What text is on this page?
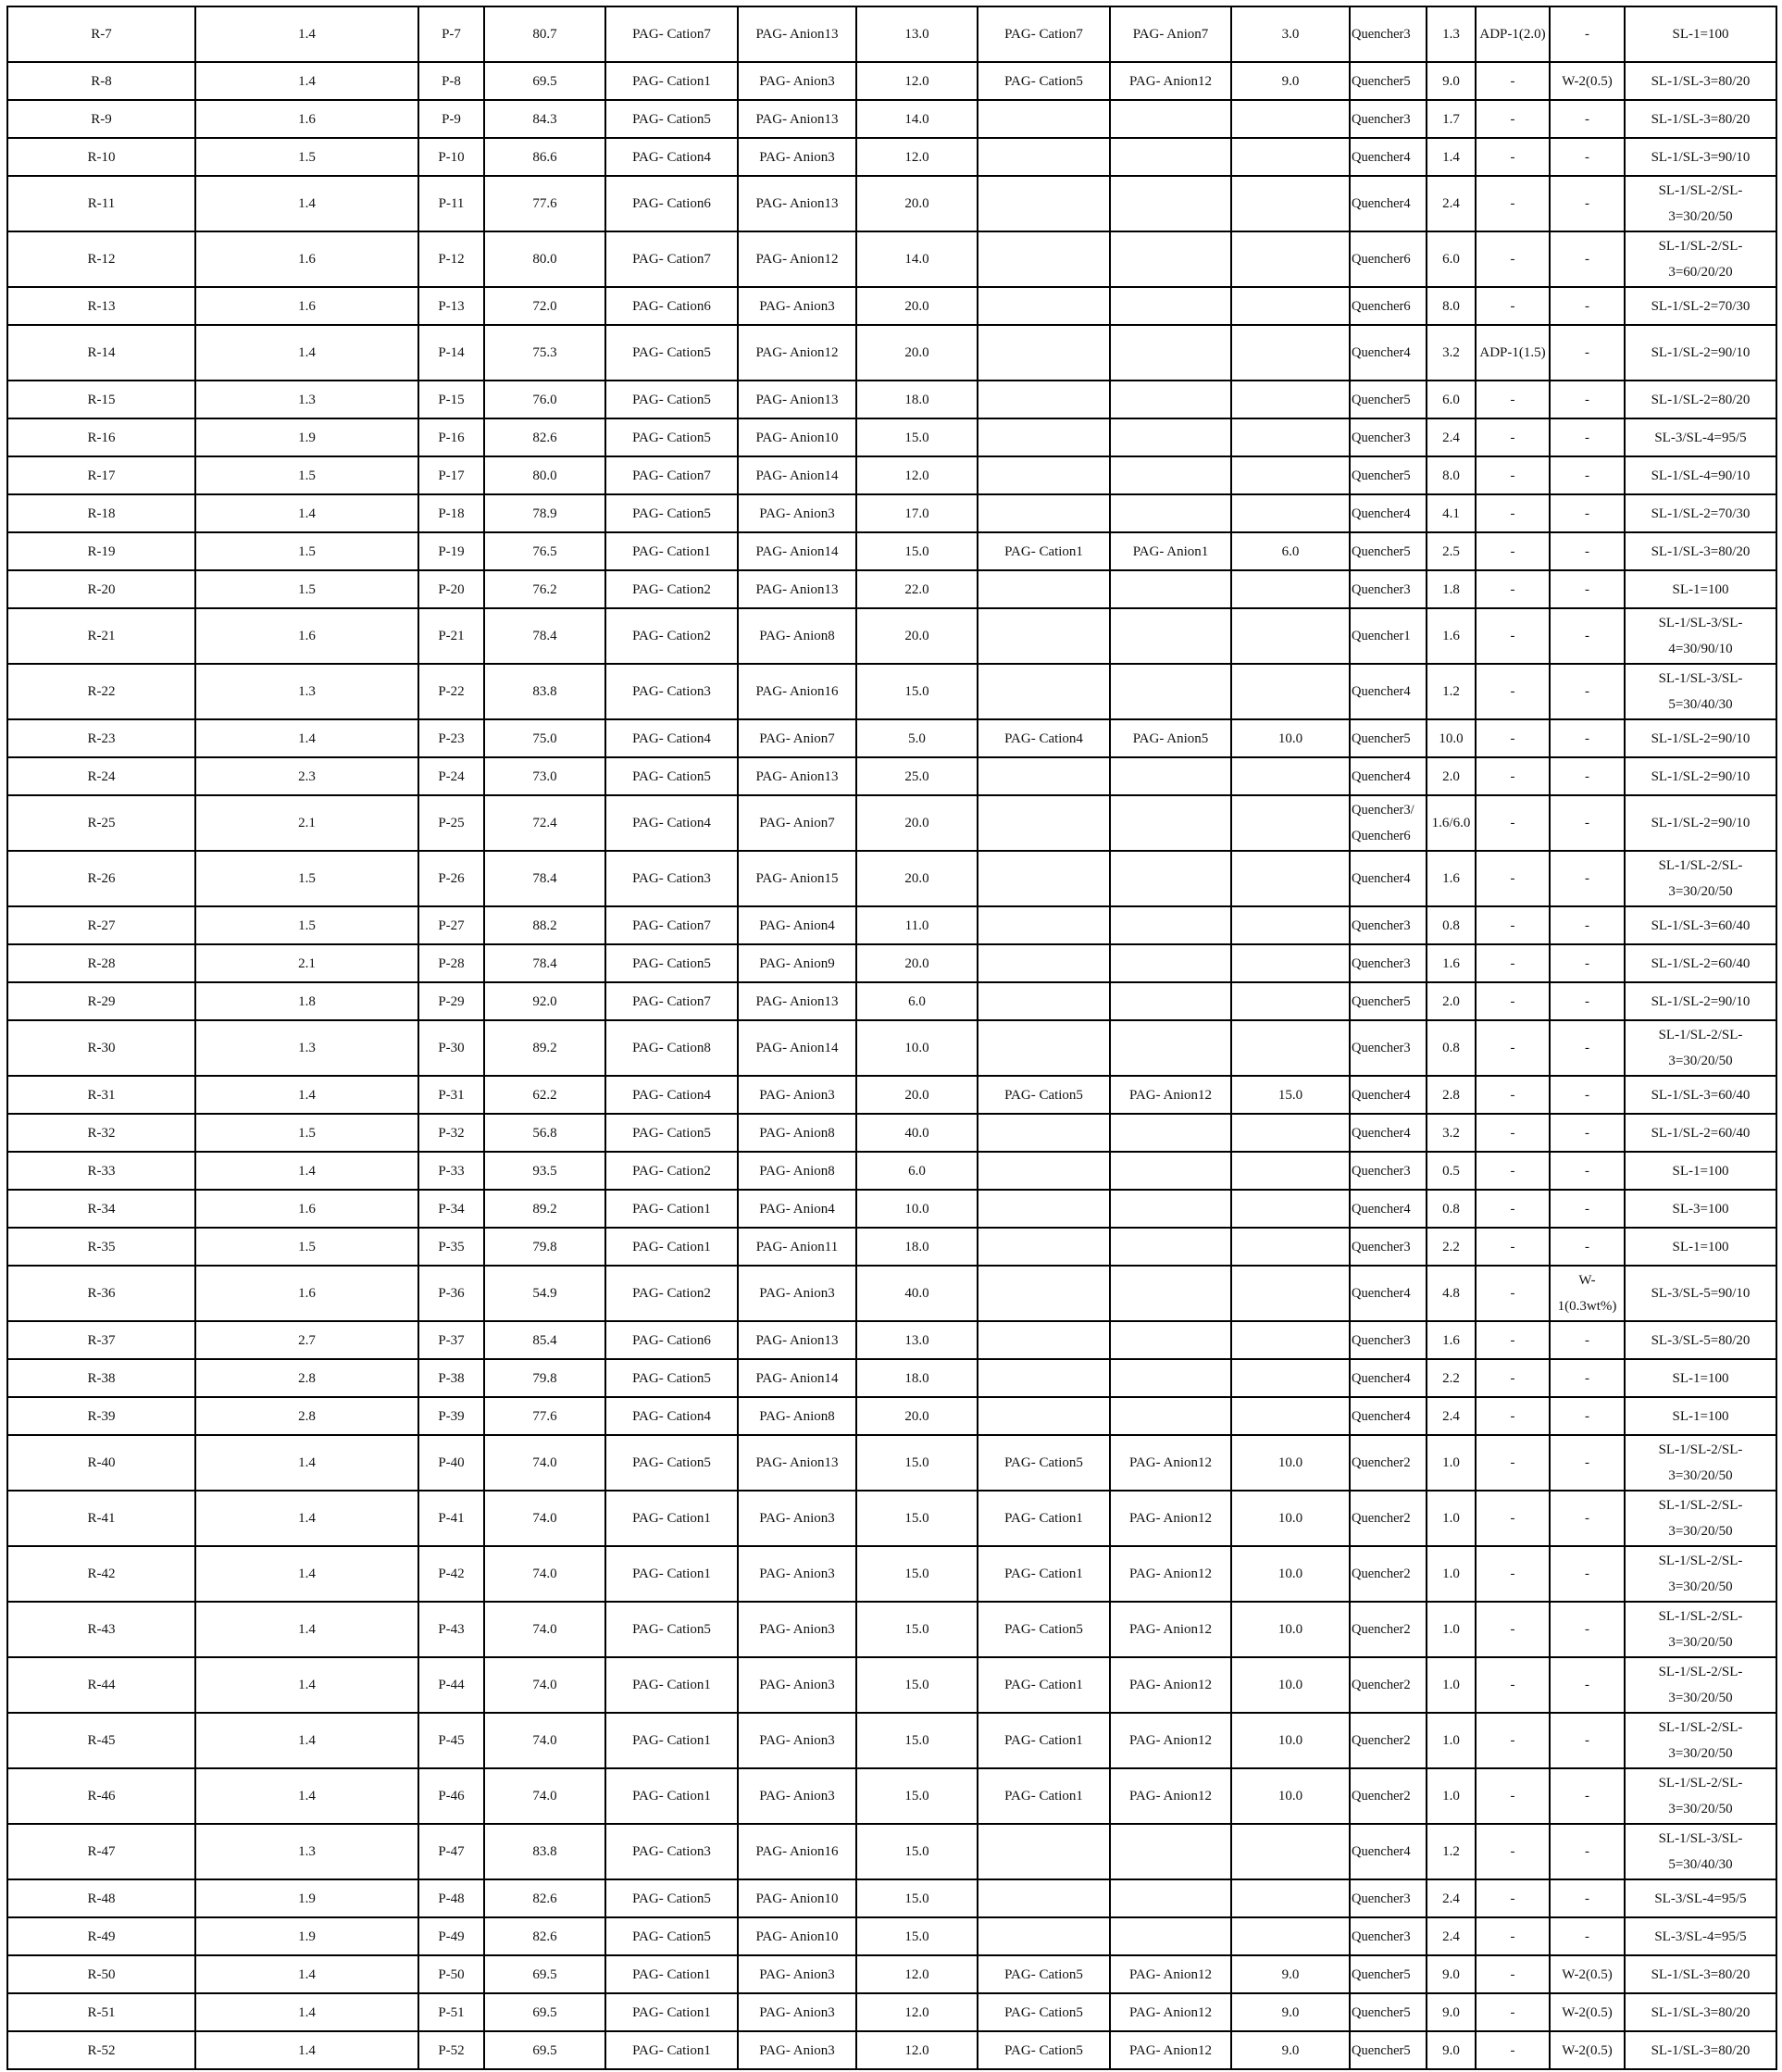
R-7	1.4	P-7	80.7	PAG- Cation7	PAG- Anion13	13.0	PAG- Cation7	PAG- Anion7	3.0	Quencher3	1.3	ADP-1(2.0)	-	SL-1=100
R-8	1.4	P-8	69.5	PAG- Cation1	PAG- Anion3	12.0	PAG- Cation5	PAG- Anion12	9.0	Quencher5	9.0	-	W-2(0.5)	SL-1/SL-3=80/20
R-9	1.6	P-9	84.3	PAG- Cation5	PAG- Anion13	14.0				Quencher3	1.7	-	-	SL-1/SL-3=80/20
R-10	1.5	P-10	86.6	PAG- Cation4	PAG- Anion3	12.0				Quencher4	1.4	-	-	SL-1/SL-3=90/10
R-11	1.4	P-11	77.6	PAG- Cation6	PAG- Anion13	20.0				Quencher4	2.4	-	-	SL-1/SL-2/SL-3=30/20/50
R-12	1.6	P-12	80.0	PAG- Cation7	PAG- Anion12	14.0				Quencher6	6.0	-	-	SL-1/SL-2/SL-3=60/20/20
R-13	1.6	P-13	72.0	PAG- Cation6	PAG- Anion3	20.0				Quencher6	8.0	-	-	SL-1/SL-2=70/30
R-14	1.4	P-14	75.3	PAG- Cation5	PAG- Anion12	20.0				Quencher4	3.2	ADP-1(1.5)	-	SL-1/SL-2=90/10
R-15	1.3	P-15	76.0	PAG- Cation5	PAG- Anion13	18.0				Quencher5	6.0	-	-	SL-1/SL-2=80/20
R-16	1.9	P-16	82.6	PAG- Cation5	PAG- Anion10	15.0				Quencher3	2.4	-	-	SL-3/SL-4=95/5
R-17	1.5	P-17	80.0	PAG- Cation7	PAG- Anion14	12.0				Quencher5	8.0	-	-	SL-1/SL-4=90/10
R-18	1.4	P-18	78.9	PAG- Cation5	PAG- Anion3	17.0				Quencher4	4.1	-	-	SL-1/SL-2=70/30
R-19	1.5	P-19	76.5	PAG- Cation1	PAG- Anion14	15.0	PAG- Cation1	PAG- Anion1	6.0	Quencher5	2.5	-	-	SL-1/SL-3=80/20
R-20	1.5	P-20	76.2	PAG- Cation2	PAG- Anion13	22.0				Quencher3	1.8	-	-	SL-1=100
R-21	1.6	P-21	78.4	PAG- Cation2	PAG- Anion8	20.0				Quencher1	1.6	-	-	SL-1/SL-3/SL-4=30/90/10
R-22	1.3	P-22	83.8	PAG- Cation3	PAG- Anion16	15.0				Quencher4	1.2	-	-	SL-1/SL-3/SL-5=30/40/30
R-23	1.4	P-23	75.0	PAG- Cation4	PAG- Anion7	5.0	PAG- Cation4	PAG- Anion5	10.0	Quencher5	10.0	-	-	SL-1/SL-2=90/10
R-24	2.3	P-24	73.0	PAG- Cation5	PAG- Anion13	25.0				Quencher4	2.0	-	-	SL-1/SL-2=90/10
R-25	2.1	P-25	72.4	PAG- Cation4	PAG- Anion7	20.0				Quencher3/ Quencher6	1.6/6.0	-	-	SL-1/SL-2=90/10
R-26	1.5	P-26	78.4	PAG- Cation3	PAG- Anion15	20.0				Quencher4	1.6	-	-	SL-1/SL-2/SL-3=30/20/50
R-27	1.5	P-27	88.2	PAG- Cation7	PAG- Anion4	11.0				Quencher3	0.8	-	-	SL-1/SL-3=60/40
R-28	2.1	P-28	78.4	PAG- Cation5	PAG- Anion9	20.0				Quencher3	1.6	-	-	SL-1/SL-2=60/40
R-29	1.8	P-29	92.0	PAG- Cation7	PAG- Anion13	6.0				Quencher5	2.0	-	-	SL-1/SL-2=90/10
R-30	1.3	P-30	89.2	PAG- Cation8	PAG- Anion14	10.0				Quencher3	0.8	-	-	SL-1/SL-2/SL-3=30/20/50
R-31	1.4	P-31	62.2	PAG- Cation4	PAG- Anion3	20.0	PAG- Cation5	PAG- Anion12	15.0	Quencher4	2.8	-	-	SL-1/SL-3=60/40
R-32	1.5	P-32	56.8	PAG- Cation5	PAG- Anion8	40.0				Quencher4	3.2	-	-	SL-1/SL-2=60/40
R-33	1.4	P-33	93.5	PAG- Cation2	PAG- Anion8	6.0				Quencher3	0.5	-	-	SL-1=100
R-34	1.6	P-34	89.2	PAG- Cation1	PAG- Anion4	10.0				Quencher4	0.8	-	-	SL-3=100
R-35	1.5	P-35	79.8	PAG- Cation1	PAG- Anion11	18.0				Quencher3	2.2	-	-	SL-1=100
R-36	1.6	P-36	54.9	PAG- Cation2	PAG- Anion3	40.0				Quencher4	4.8	-	W-1(0.3wt%)	SL-3/SL-5=90/10
R-37	2.7	P-37	85.4	PAG- Cation6	PAG- Anion13	13.0				Quencher3	1.6	-	-	SL-3/SL-5=80/20
R-38	2.8	P-38	79.8	PAG- Cation5	PAG- Anion14	18.0				Quencher4	2.2	-	-	SL-1=100
R-39	2.8	P-39	77.6	PAG- Cation4	PAG- Anion8	20.0				Quencher4	2.4	-	-	SL-1=100
R-40	1.4	P-40	74.0	PAG- Cation5	PAG- Anion13	15.0	PAG- Cation5	PAG- Anion12	10.0	Quencher2	1.0	-	-	SL-1/SL-2/SL-3=30/20/50
R-41	1.4	P-41	74.0	PAG- Cation1	PAG- Anion3	15.0	PAG- Cation1	PAG- Anion12	10.0	Quencher2	1.0	-	-	SL-1/SL-2/SL-3=30/20/50
R-42	1.4	P-42	74.0	PAG- Cation1	PAG- Anion3	15.0	PAG- Cation1	PAG- Anion12	10.0	Quencher2	1.0	-	-	SL-1/SL-2/SL-3=30/20/50
R-43	1.4	P-43	74.0	PAG- Cation5	PAG- Anion3	15.0	PAG- Cation5	PAG- Anion12	10.0	Quencher2	1.0	-	-	SL-1/SL-2/SL-3=30/20/50
R-44	1.4	P-44	74.0	PAG- Cation1	PAG- Anion3	15.0	PAG- Cation1	PAG- Anion12	10.0	Quencher2	1.0	-	-	SL-1/SL-2/SL-3=30/20/50
R-45	1.4	P-45	74.0	PAG- Cation1	PAG- Anion3	15.0	PAG- Cation1	PAG- Anion12	10.0	Quencher2	1.0	-	-	SL-1/SL-2/SL-3=30/20/50
R-46	1.4	P-46	74.0	PAG- Cation1	PAG- Anion3	15.0	PAG- Cation1	PAG- Anion12	10.0	Quencher2	1.0	-	-	SL-1/SL-2/SL-3=30/20/50
R-47	1.3	P-47	83.8	PAG- Cation3	PAG- Anion16	15.0				Quencher4	1.2	-	-	SL-1/SL-3/SL-5=30/40/30
R-48	1.9	P-48	82.6	PAG- Cation5	PAG- Anion10	15.0				Quencher3	2.4	-	-	SL-3/SL-4=95/5
R-49	1.9	P-49	82.6	PAG- Cation5	PAG- Anion10	15.0				Quencher3	2.4	-	-	SL-3/SL-4=95/5
R-50	1.4	P-50	69.5	PAG- Cation1	PAG- Anion3	12.0	PAG- Cation5	PAG- Anion12	9.0	Quencher5	9.0	-	W-2(0.5)	SL-1/SL-3=80/20
R-51	1.4	P-51	69.5	PAG- Cation1	PAG- Anion3	12.0	PAG- Cation5	PAG- Anion12	9.0	Quencher5	9.0	-	W-2(0.5)	SL-1/SL-3=80/20
R-52	1.4	P-52	69.5	PAG- Cation1	PAG- Anion3	12.0	PAG- Cation5	PAG- Anion12	9.0	Quencher5	9.0	-	W-2(0.5)	SL-1/SL-3=80/20
